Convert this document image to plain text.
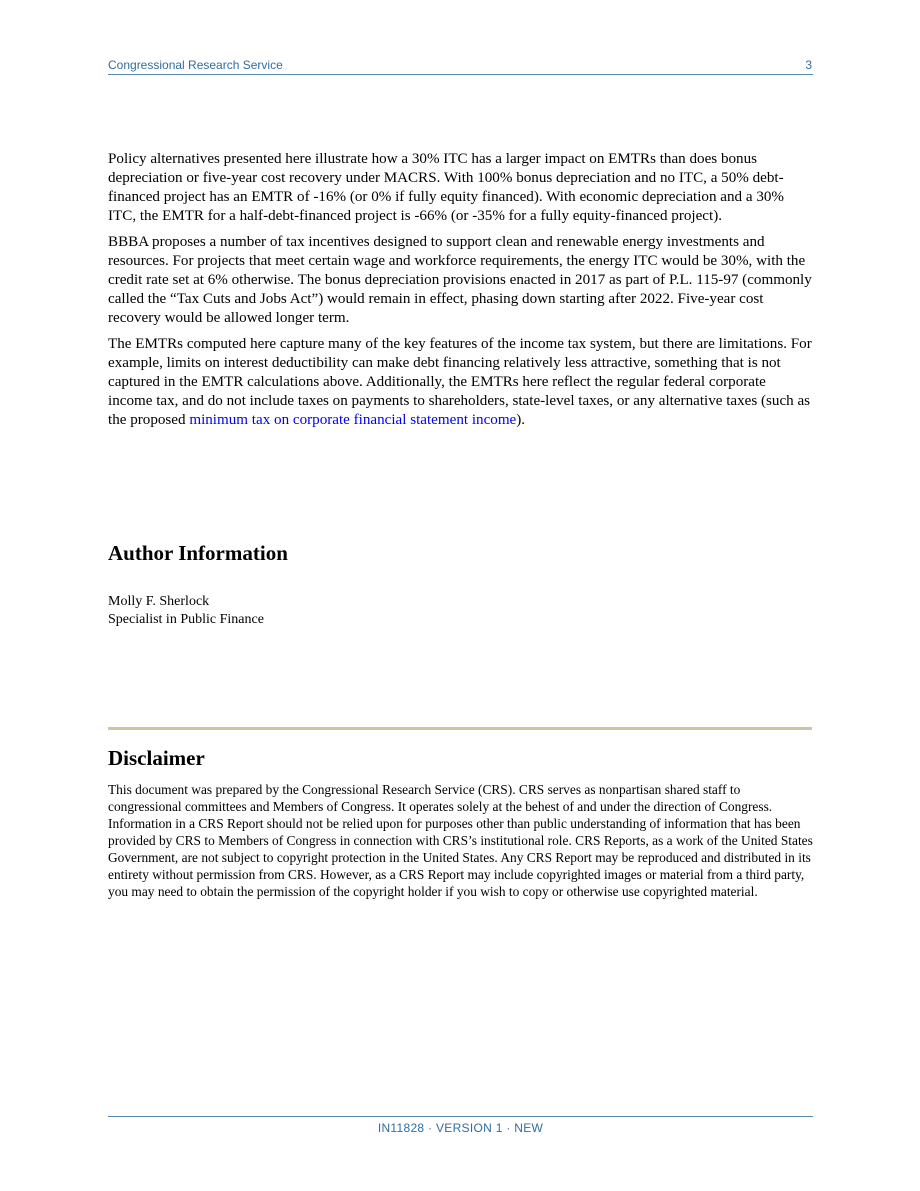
Congressional Research Service	3

Policy alternatives presented here illustrate how a 30% ITC has a larger impact on EMTRs than does bonus depreciation or five-year cost recovery under MACRS. With 100% bonus depreciation and no ITC, a 50% debt-financed project has an EMTR of -16% (or 0% if fully equity financed). With economic depreciation and a 30% ITC, the EMTR for a half-debt-financed project is -66% (or -35% for a fully equity-financed project).

BBBA proposes a number of tax incentives designed to support clean and renewable energy investments and resources. For projects that meet certain wage and workforce requirements, the energy ITC would be 30%, with the credit rate set at 6% otherwise. The bonus depreciation provisions enacted in 2017 as part of P.L. 115-97 (commonly called the “Tax Cuts and Jobs Act”) would remain in effect, phasing down starting after 2022. Five-year cost recovery would be allowed longer term.

The EMTRs computed here capture many of the key features of the income tax system, but there are limitations. For example, limits on interest deductibility can make debt financing relatively less attractive, something that is not captured in the EMTR calculations above. Additionally, the EMTRs here reflect the regular federal corporate income tax, and do not include taxes on payments to shareholders, state-level taxes, or any alternative taxes (such as the proposed minimum tax on corporate financial statement income).

Author Information
Molly F. Sherlock
Specialist in Public Finance
Disclaimer

This document was prepared by the Congressional Research Service (CRS). CRS serves as nonpartisan shared staff to congressional committees and Members of Congress. It operates solely at the behest of and under the direction of Congress. Information in a CRS Report should not be relied upon for purposes other than public understanding of information that has been provided by CRS to Members of Congress in connection with CRS’s institutional role. CRS Reports, as a work of the United States Government, are not subject to copyright protection in the United States. Any CRS Report may be reproduced and distributed in its entirety without permission from CRS. However, as a CRS Report may include copyrighted images or material from a third party, you may need to obtain the permission of the copyright holder if you wish to copy or otherwise use copyrighted material.

IN11828 · VERSION 1 · NEW
